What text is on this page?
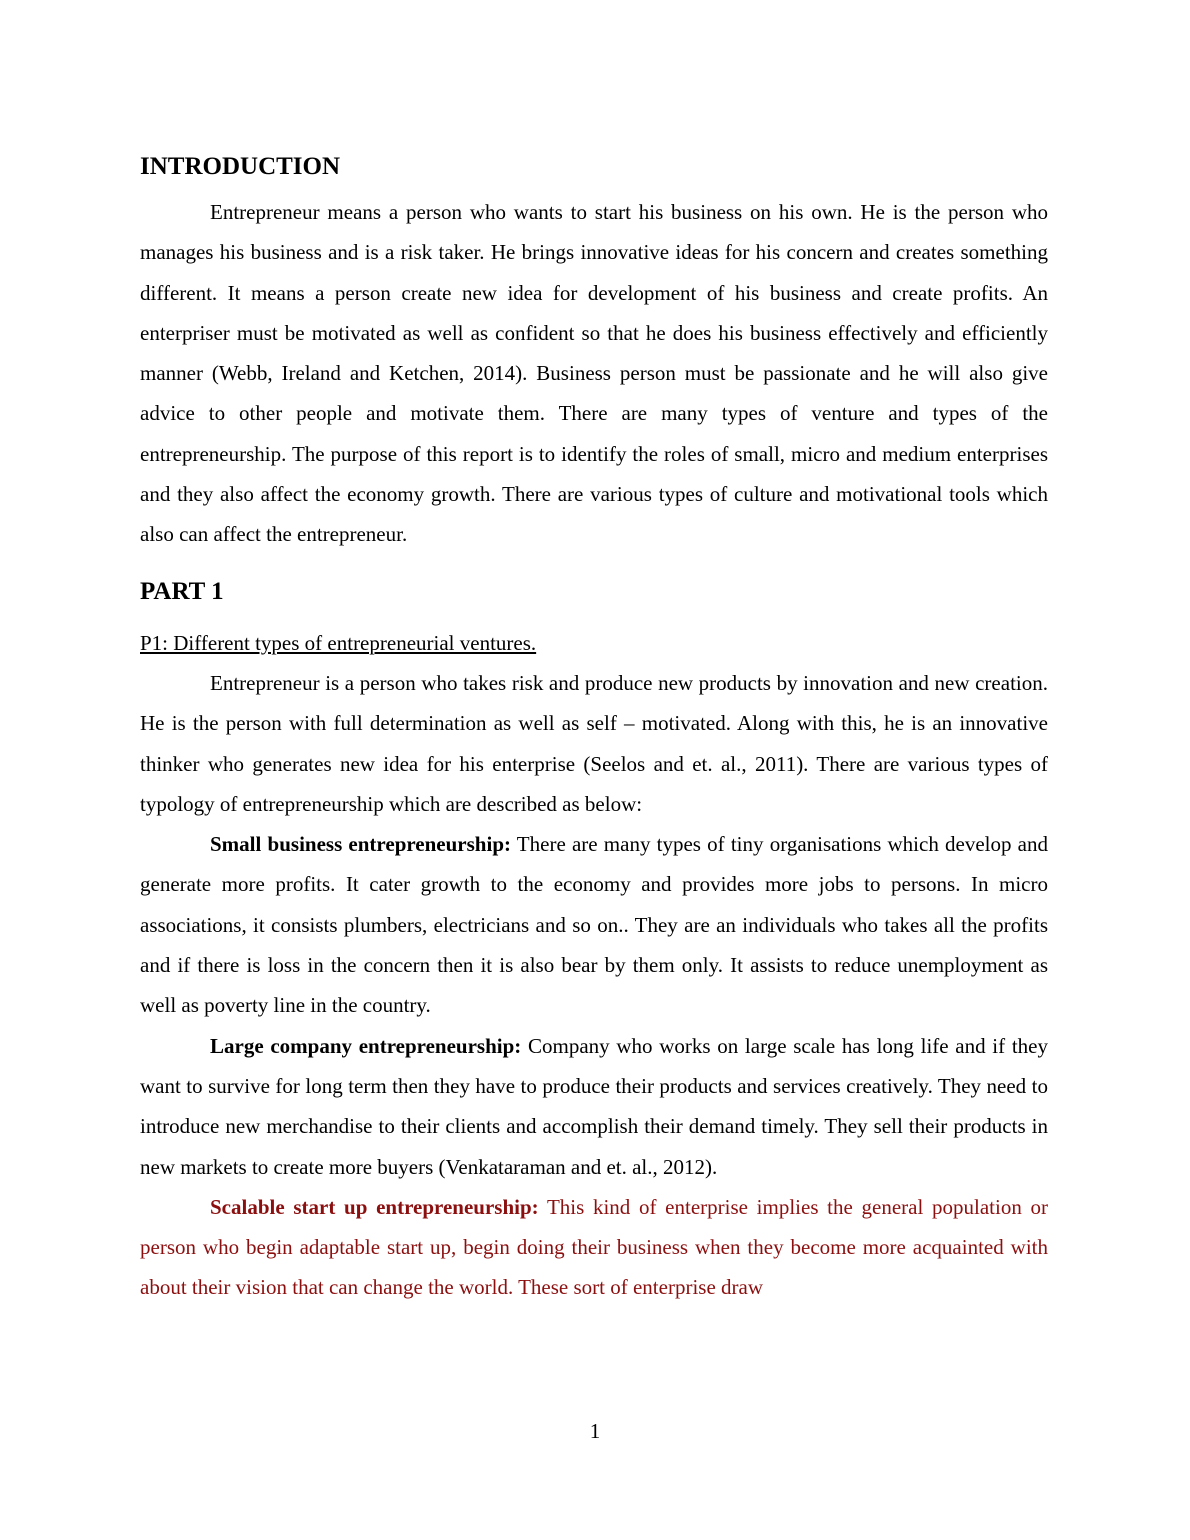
INTRODUCTION

Entrepreneur means a person who wants to start his business on his own. He is the person who manages his business and is a risk taker. He brings innovative ideas for his concern and creates something different. It means a person create new idea for development of his business and create profits. An enterpriser must be motivated as well as confident so that he does his business effectively and efficiently manner (Webb, Ireland and Ketchen, 2014). Business person must be passionate and he will also give advice to other people and motivate them. There are many types of venture and types of the entrepreneurship. The purpose of this report is to identify the roles of small, micro and medium enterprises and they also affect the economy growth. There are various types of culture and motivational tools which also can affect the entrepreneur.

PART 1
P1: Different types of entrepreneurial ventures.

Entrepreneur is a person who takes risk and produce new products by innovation and new creation. He is the person with full determination as well as self – motivated. Along with this, he is an innovative thinker who generates new idea for his enterprise (Seelos and et. al., 2011). There are various types of typology of entrepreneurship which are described as below:

Small business entrepreneurship: There are many types of tiny organisations which develop and generate more profits. It cater growth to the economy and provides more jobs to persons. In micro associations, it consists plumbers, electricians and so on.. They are an individuals who takes all the profits and if there is loss in the concern then it is also bear by them only. It assists to reduce unemployment as well as poverty line in the country.

Large company entrepreneurship: Company who works on large scale has long life and if they want to survive for long term then they have to produce their products and services creatively. They need to introduce new merchandise to their clients and accomplish their demand timely. They sell their products in new markets to create more buyers (Venkataraman and et. al., 2012).

Scalable start up entrepreneurship: This kind of enterprise implies the general population or person who begin adaptable start up, begin doing their business when they become more acquainted with about their vision that can change the world. These sort of enterprise draw

1
